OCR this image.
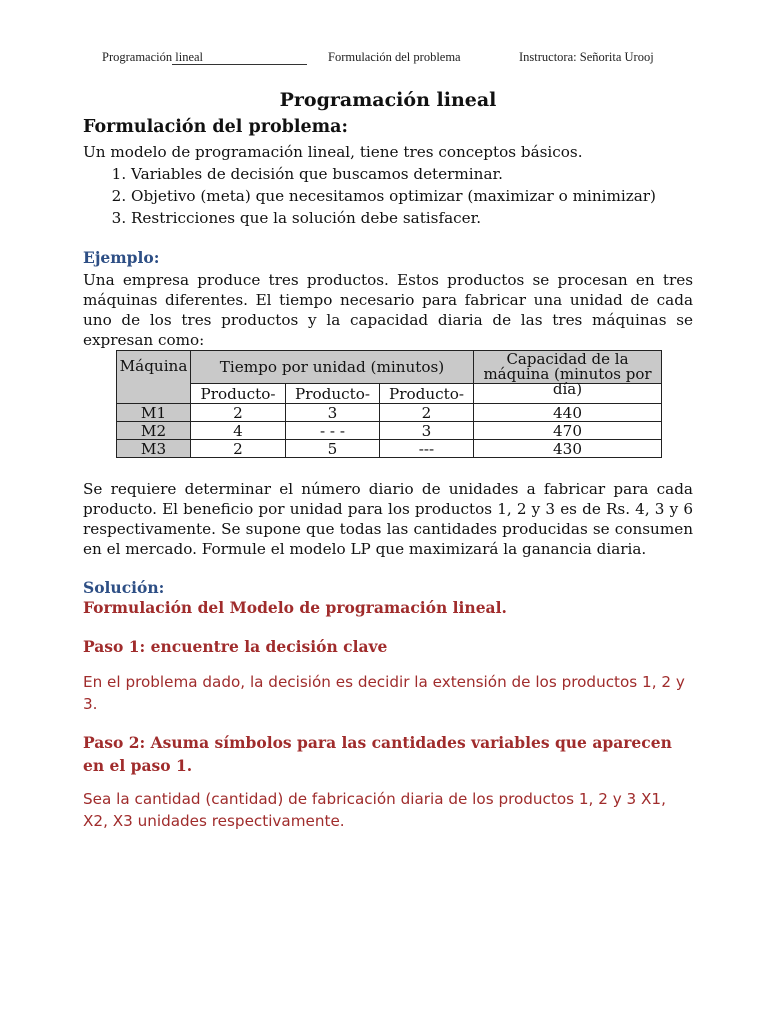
Programación lineal	Formulación del problema	Instructora: Señorita Urooj
Programación lineal
Formulación del problema:

Un modelo de programación lineal, tiene tres conceptos básicos.

1. Variables de decisión que buscamos determinar.
2. Objetivo (meta) que necesitamos optimizar (maximizar o minimizar)
3. Restricciones que la solución debe satisfacer.
Ejemplo:

Una empresa produce tres productos. Estos productos se procesan en tres máquinas diferentes. El tiempo necesario para fabricar una unidad de cada uno de los tres productos y la capacidad diaria de las tres máquinas se expresan como:

Máquina	Tiempo por unidad (minutos)			Capacidad de la máquina (minutos por día)

	Producto-	Producto-	Producto-	
M1	2	3	2	440
M2	4	- - -	3	470
M3	2	5	---	430

Se requiere determinar el número diario de unidades a fabricar para cada producto. El beneficio por unidad para los productos 1, 2 y 3 es de Rs. 4, 3 y 6 respectivamente. Se supone que todas las cantidades producidas se consumen en el mercado. Formule el modelo LP que maximizará la ganancia diaria.

Solución:

Formulación del Modelo de programación lineal.

Paso 1: encuentre la decisión clave

En el problema dado, la decisión es decidir la extensión de los productos 1, 2 y 3.

Paso 2: Asuma símbolos para las cantidades variables que aparecen en el paso 1.

Sea la cantidad (cantidad) de fabricación diaria de los productos 1, 2 y 3 X1, X2, X3 unidades respectivamente.
